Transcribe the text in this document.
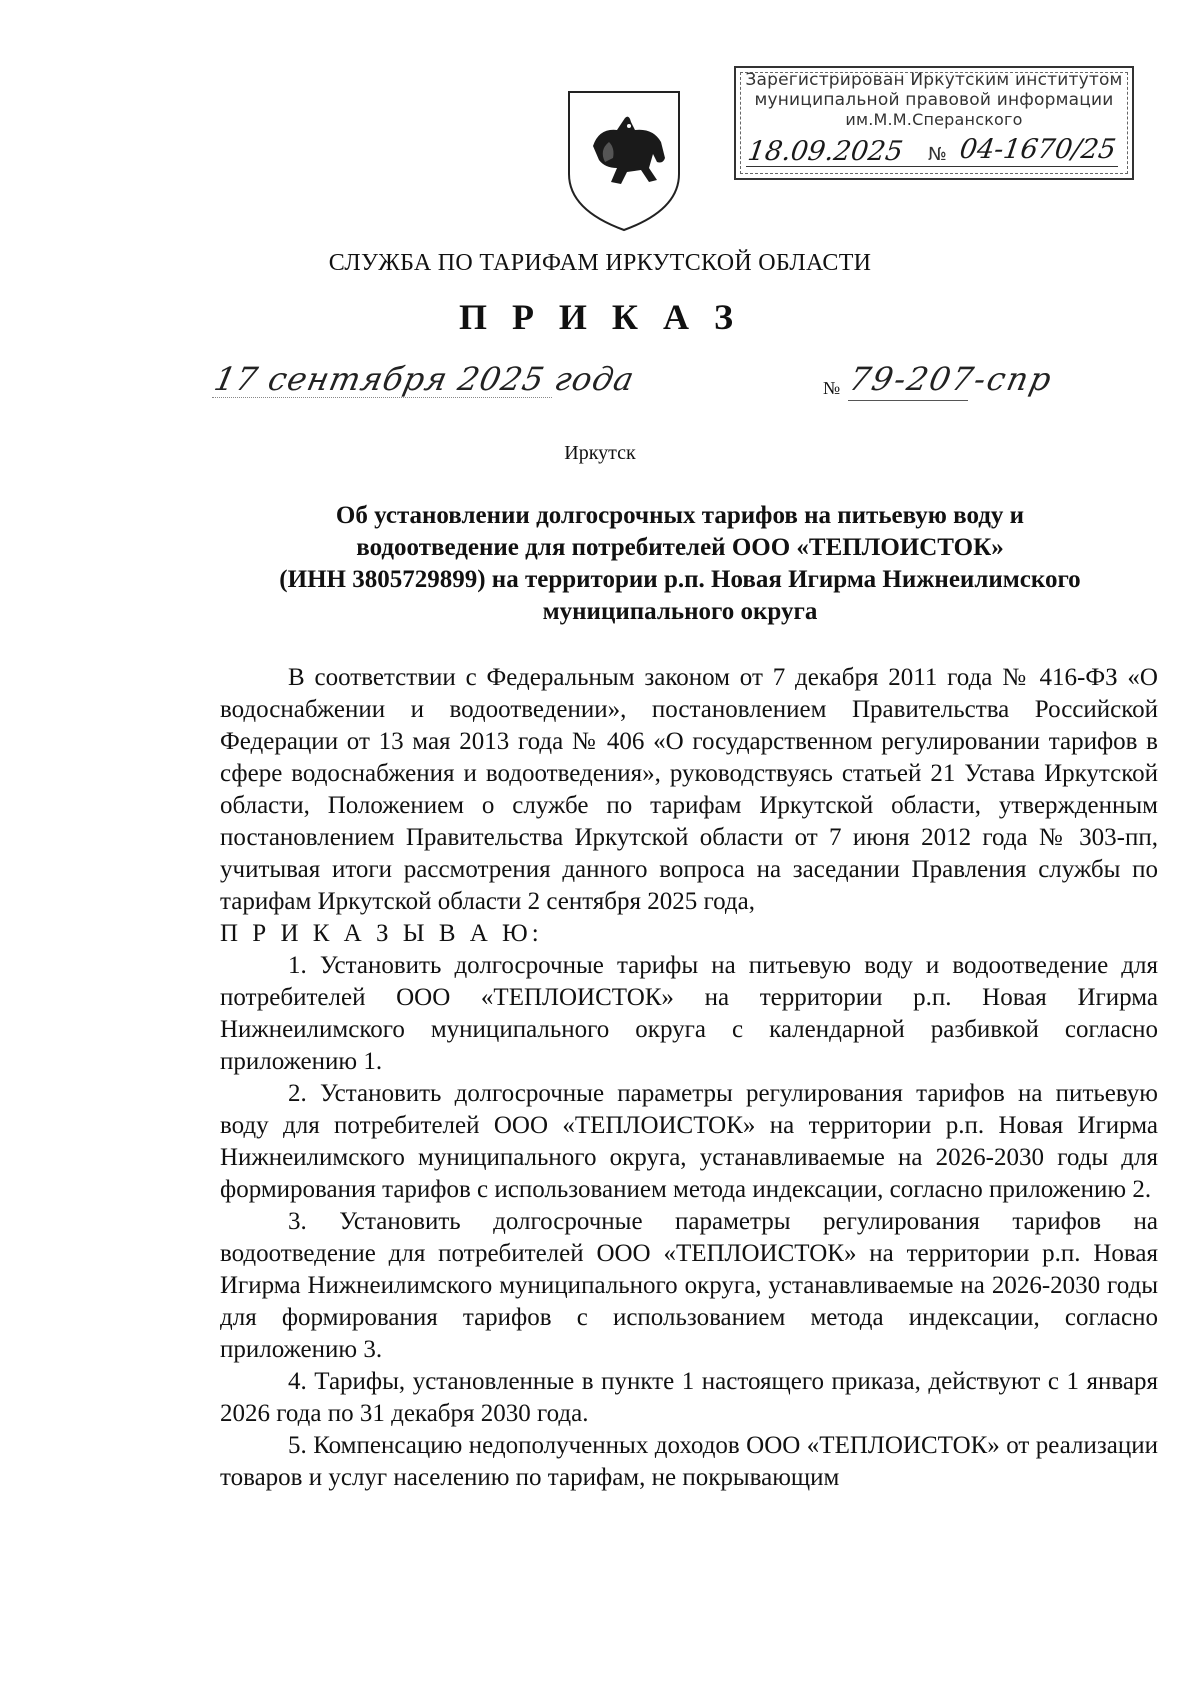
Зарегистрирован Иркутским институтом
муниципальной правовой информации
им.М.М.Сперанского
18.09.2025 № 04-1670/25
СЛУЖБА ПО ТАРИФАМ ИРКУТСКОЙ ОБЛАСТИ
П Р И К А З
17 сентября 2025 года	№ 79-207-спр
Иркутск
Об установлении долгосрочных тарифов на питьевую воду и
водоотведение для потребителей ООО «ТЕПЛОИСТОК»
(ИНН 3805729899) на территории р.п. Новая Игирма Нижнеилимского
муниципального округа

В соответствии с Федеральным законом от 7 декабря 2011 года № 416-ФЗ «О водоснабжении и водоотведении», постановлением Правительства Российской Федерации от 13 мая 2013 года № 406 «О государственном регулировании тарифов в сфере водоснабжения и водоотведения», руководствуясь статьей 21 Устава Иркутской области, Положением о службе по тарифам Иркутской области, утвержденным постановлением Правительства Иркутской области от 7 июня 2012 года № 303-пп, учитывая итоги рассмотрения данного вопроса на заседании Правления службы по тарифам Иркутской области 2 сентября 2025 года,

П Р И К А З Ы В А Ю:

1. Установить долгосрочные тарифы на питьевую воду и водоотведение для потребителей ООО «ТЕПЛОИСТОК» на территории р.п. Новая Игирма Нижнеилимского муниципального округа с календарной разбивкой согласно приложению 1.

2. Установить долгосрочные параметры регулирования тарифов на питьевую воду для потребителей ООО «ТЕПЛОИСТОК» на территории р.п. Новая Игирма Нижнеилимского муниципального округа, устанавливаемые на 2026-2030 годы для формирования тарифов с использованием метода индексации, согласно приложению 2.

3. Установить долгосрочные параметры регулирования тарифов на водоотведение для потребителей ООО «ТЕПЛОИСТОК» на территории р.п. Новая Игирма Нижнеилимского муниципального округа, устанавливаемые на 2026-2030 годы для формирования тарифов с использованием метода индексации, согласно приложению 3.

4. Тарифы, установленные в пункте 1 настоящего приказа, действуют с 1 января 2026 года по 31 декабря 2030 года.

5. Компенсацию недополученных доходов ООО «ТЕПЛОИСТОК» от реализации товаров и услуг населению по тарифам, не покрывающим
